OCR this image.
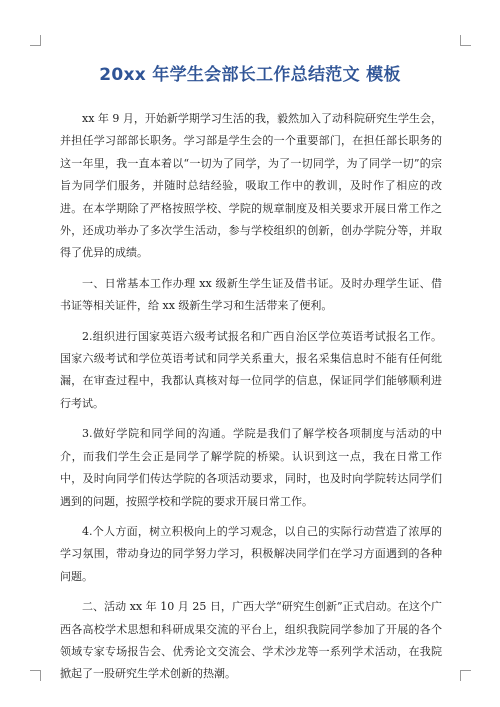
20xx 年学生会部长工作总结范文 模板

xx 年 9 月，开始新学期学习生活的我，毅然加入了动科院研究生学生会，并担任学习部部长职务。学习部是学生会的一个重要部门，在担任部长职务的这一年里，我一直本着以“一切为了同学，为了一切同学，为了同学一切”的宗旨为同学们服务，并随时总结经验，吸取工作中的教训，及时作了相应的改进。在本学期除了严格按照学校、学院的规章制度及相关要求开展日常工作之外，还成功举办了多次学生活动，参与学校组织的创新，创办学院分等，并取得了优异的成绩。

一、日常基本工作办理 xx 级新生学生证及借书证。及时办理学生证、借书证等相关证件，给 xx 级新生学习和生活带来了便利。

2.组织进行国家英语六级考试报名和广西自治区学位英语考试报名工作。国家六级考试和学位英语考试和同学关系重大，报名采集信息时不能有任何纰漏，在审查过程中，我都认真核对每一位同学的信息，保证同学们能够顺利进行考试。

3.做好学院和同学间的沟通。学院是我们了解学校各项制度与活动的中介，而我们学生会正是同学了解学院的桥梁。认识到这一点，我在日常工作中，及时向同学们传达学院的各项活动要求，同时，也及时向学院转达同学们遇到的问题，按照学校和学院的要求开展日常工作。

4.个人方面，树立积极向上的学习观念，以自己的实际行动营造了浓厚的学习氛围，带动身边的同学努力学习，积极解决同学们在学习方面遇到的各种问题。

二、活动 xx 年 10 月 25 日，广西大学“研究生创新”正式启动。在这个广西各高校学术思想和科研成果交流的平台上，组织我院同学参加了开展的各个领域专家专场报告会、优秀论文交流会、学术沙龙等一系列学术活动，在我院掀起了一股研究生学术创新的热潮。
